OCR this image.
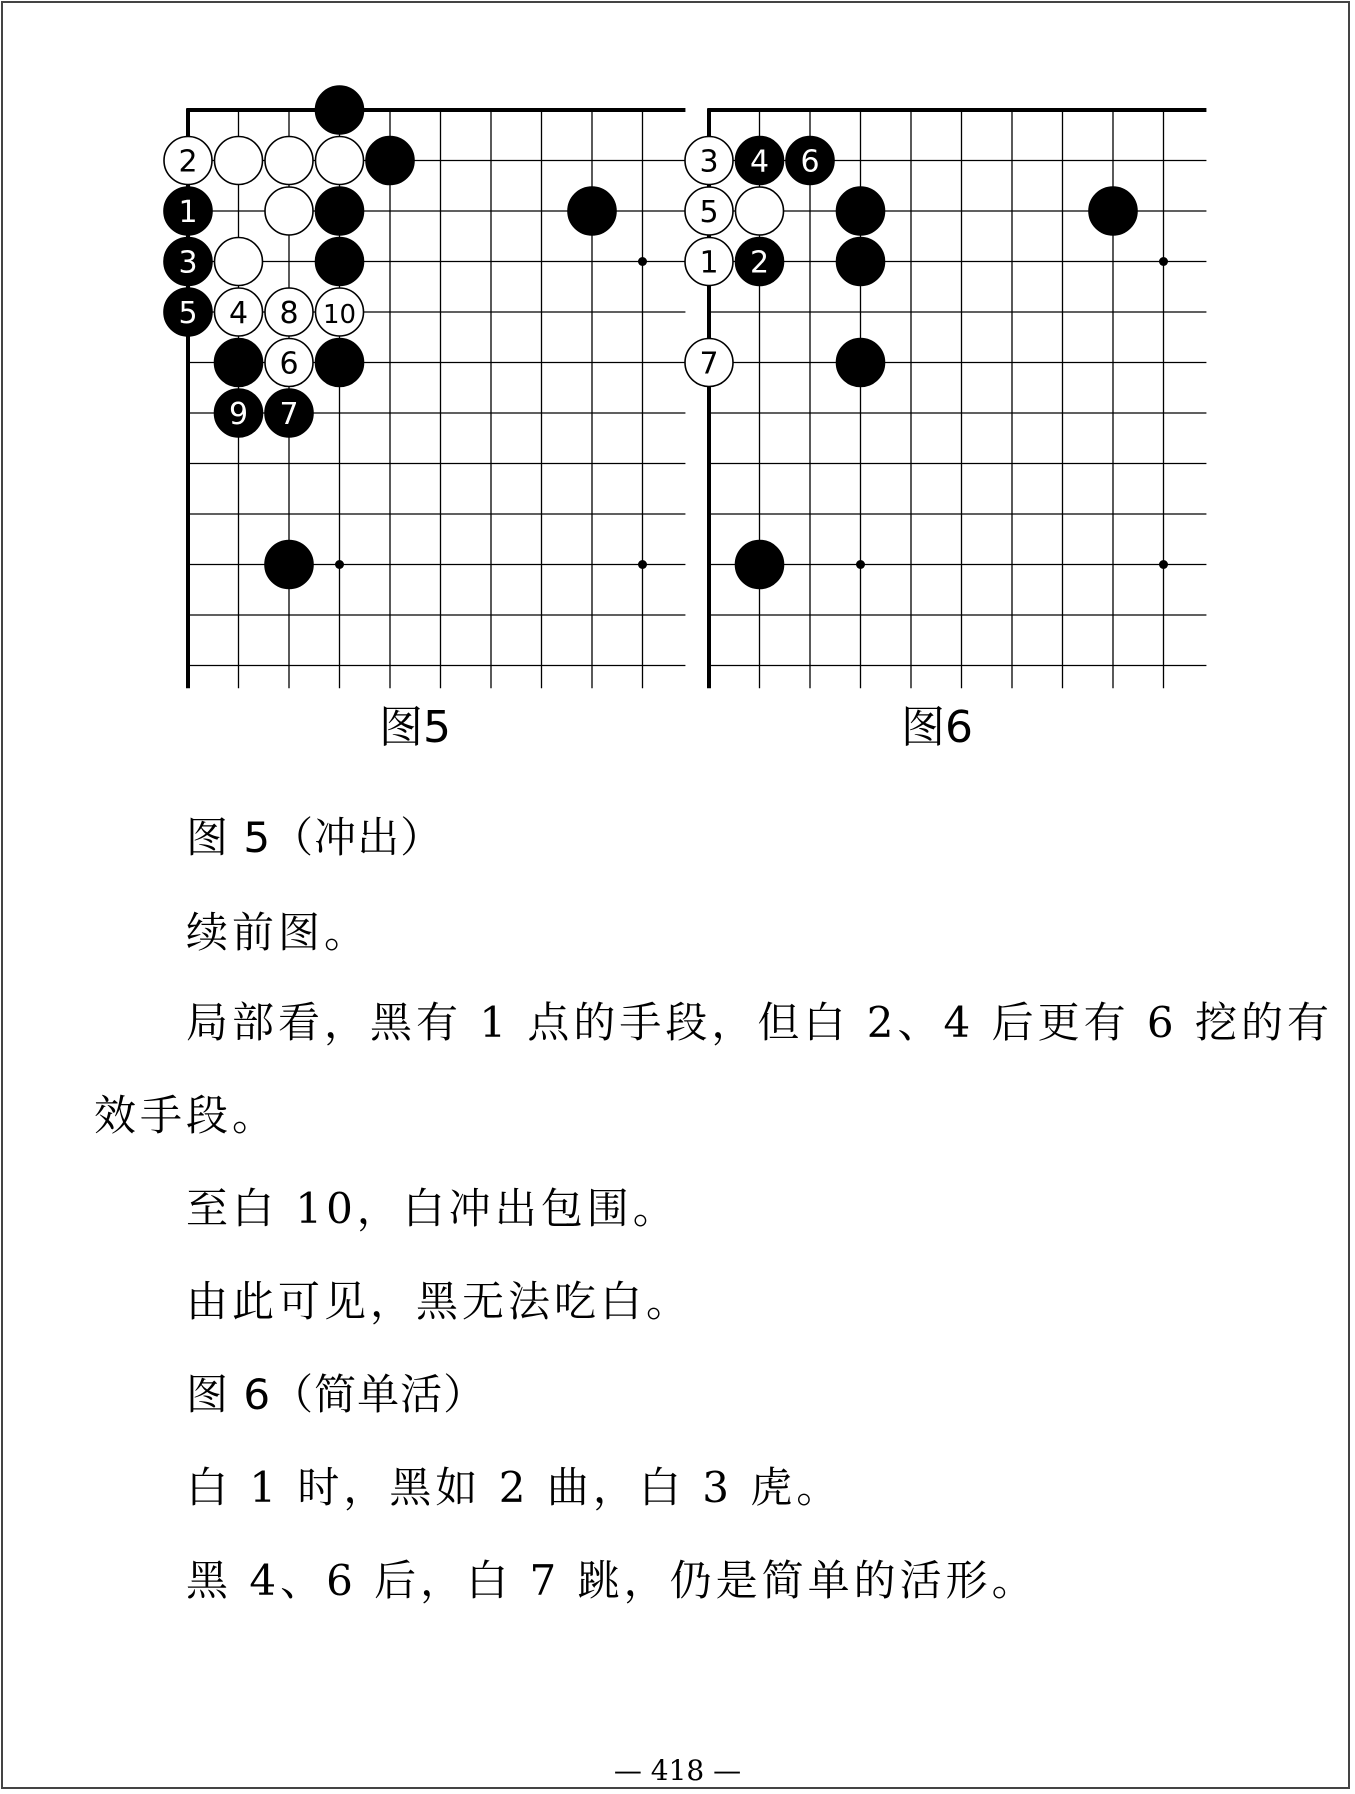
2
1
3
5 4 8 10
6
9 7
3 4 6
5
1 2
7
图5	图6
图 5（冲出）
续前图。
局部看，黑有 1 点的手段，但白 2、4 后更有 6 挖的有
效手段。
至白 10，白冲出包围。
由此可见，黑无法吃白。
图 6（简单活）
白 1 时，黑如 2 曲，白 3 虎。
黑 4、6 后，白 7 跳，仍是简单的活形。
— 418 —
